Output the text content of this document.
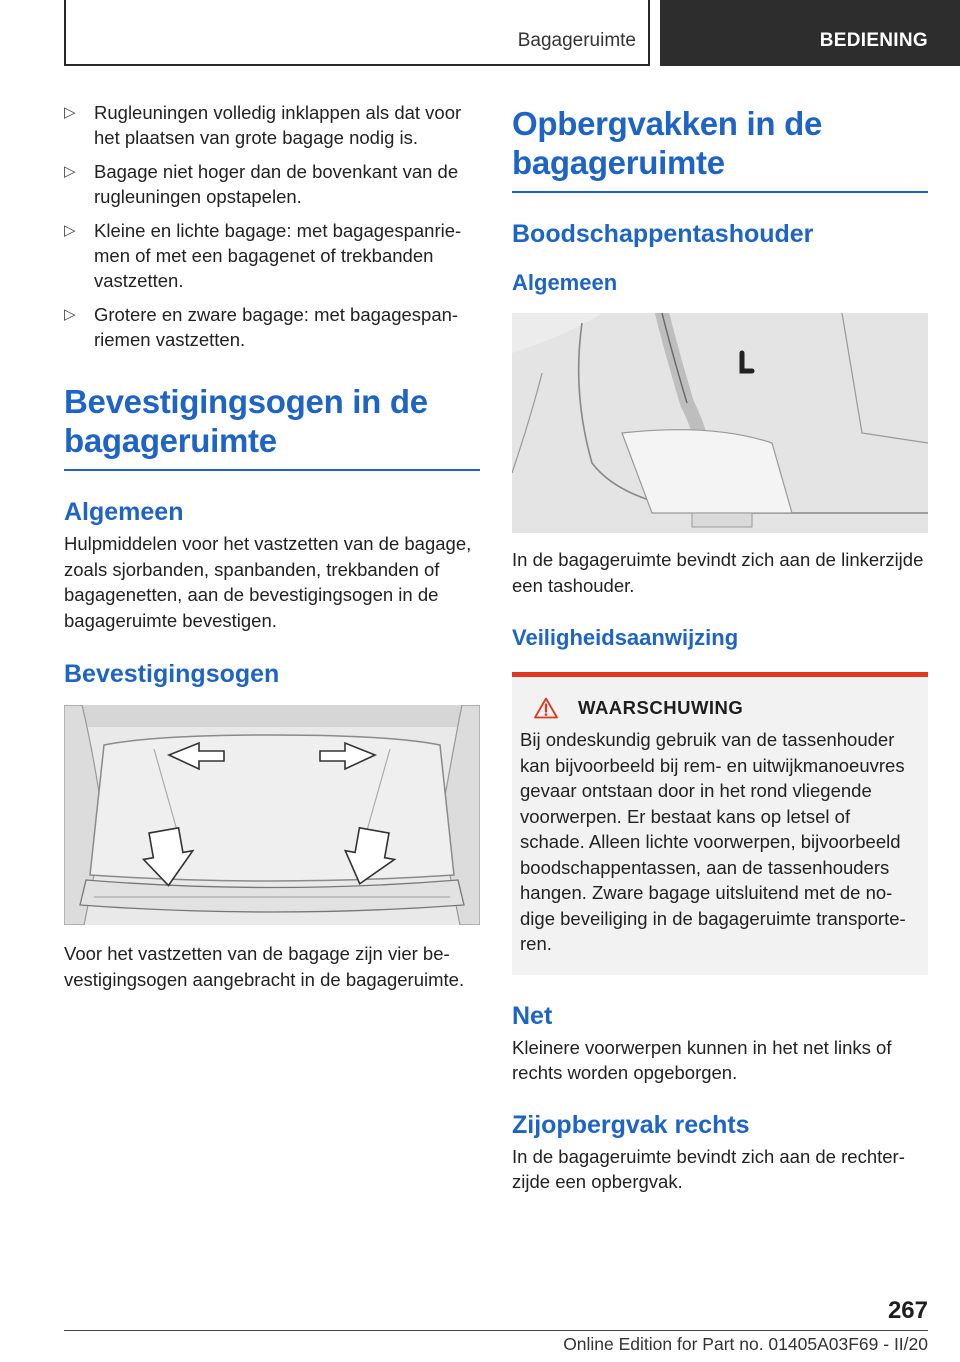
Bagageruimte	BEDIENING
▷ Rugleuningen volledig inklappen als dat voor het plaatsen van grote bagage nodig is.
▷ Bagage niet hoger dan de bovenkant van de rugleuningen opstapelen.
▷ Kleine en lichte bagage: met bagagespanriemen of met een bagagenet of trekbanden vastzetten.
▷ Grotere en zware bagage: met bagagespanriemen vastzetten.
Bevestigingsogen in de bagageruimte
Algemeen
Hulpmiddelen voor het vastzetten van de bagage, zoals sjorbanden, spanbanden, trekbanden of bagagenetten, aan de bevestigingsogen in de bagageruimte bevestigen.
Bevestigingsogen
Voor het vastzetten van de bagage zijn vier bevestigingsogen aangebracht in de bagageruimte.
Opbergvakken in de bagageruimte
Boodschappentashouder
Algemeen
In de bagageruimte bevindt zich aan de linkerzijde een tashouder.
Veiligheidsaanwijzing
WAARSCHUWING
Bij ondeskundig gebruik van de tassenhouder kan bijvoorbeeld bij rem- en uitwijkmanoeuvres gevaar ontstaan door in het rond vliegende voorwerpen. Er bestaat kans op letsel of schade. Alleen lichte voorwerpen, bijvoorbeeld boodschappentassen, aan de tassenhouders hangen. Zware bagage uitsluitend met de nodige beveiliging in de bagageruimte transporteren.
Net
Kleinere voorwerpen kunnen in het net links of rechts worden opgeborgen.
Zijopbergvak rechts
In de bagageruimte bevindt zich aan de rechterzijde een opbergvak.
267
Online Edition for Part no. 01405A03F69 - II/20
